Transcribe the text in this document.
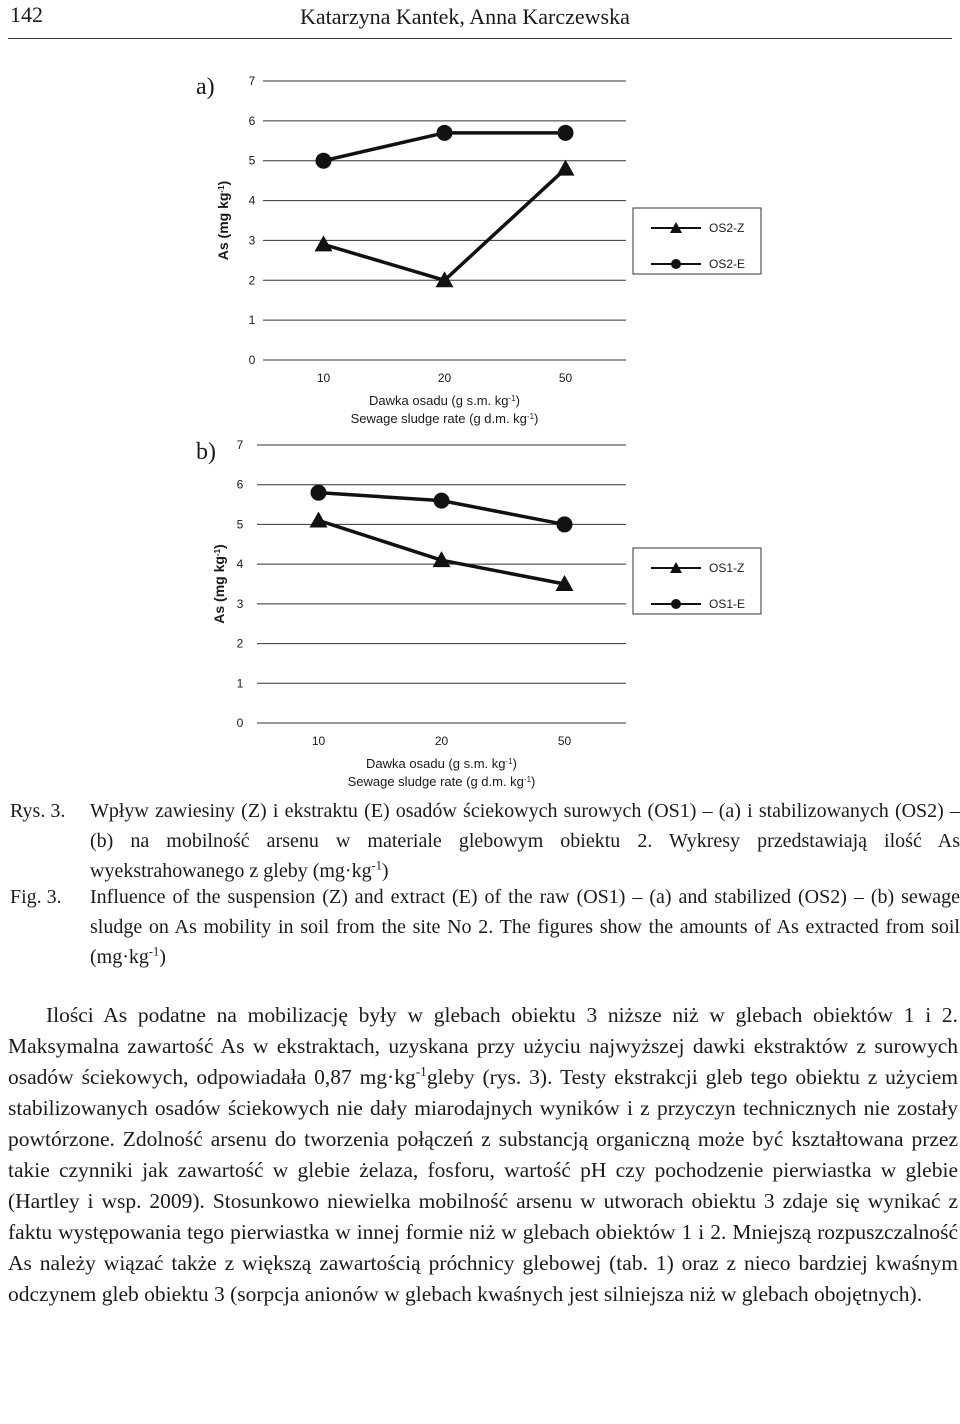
142	Katarzyna Kantek, Anna Karczewska
a)
0
1
2
3
4
5
6
7
As (mg $kg^{-1}$)
10	20	50
Dawka osadu (g s.m. $kg^{-1}$)
Sewage sludge rate (g d.m. $kg^{-1}$)
OS2-Z
OS2-E
b)
0
1
2
3
4
5
6
7
As (mg $kg^{-1}$)
10	20	50
Dawka osadu (g s.m. $kg^{-1}$)
Sewage sludge rate (g d.m. $kg^{-1}$)
OS1-Z
OS1-E
Rys. 3. Wpływ zawiesiny (Z) i ekstraktu (E) osadów ściekowych surowych (OS1) – (a) i stabilizowanych (OS2) – (b) na mobilność arsenu w materiale glebowym obiektu 2. Wykresy przedstawiają ilość As wyekstrahowanego z gleby $(mg\cdot kg^{-1})$
Fig. 3. Influence of the suspension (Z) and extract (E) of the raw (OS1) – (a) and stabilized (OS2) – (b) sewage sludge on As mobility in soil from the site No 2. The figures show the amounts of As extracted from soil $(mg\cdot kg^{-1})$

Ilości As podatne na mobilizację były w glebach obiektu 3 niższe niż w glebach obiektów 1 i 2. Maksymalna zawartość As w ekstraktach, uzyskana przy użyciu najwyższej dawki ekstraktów z surowych osadów ściekowych, odpowiadała 0,87 $mg\cdot kg^{-1}gleby$ (rys. 3). Testy ekstrakcji gleb tego obiektu z użyciem stabilizowanych osadów ściekowych nie dały miarodajnych wyników i z przyczyn technicznych nie zostały powtórzone. Zdolność arsenu do tworzenia połączeń z substancją organiczną może być kształtowana przez takie czynniki jak zawartość w glebie żelaza, fosforu, wartość pH czy pochodzenie pierwiastka w glebie (Hartley i wsp. 2009). Stosunkowo niewielka mobilność arsenu w utworach obiektu 3 zdaje się wynikać z faktu występowania tego pierwiastka w innej formie niż w glebach obiektów 1 i 2. Mniejszą rozpuszczalność As należy wiązać także z większą zawartością próchnicy glebowej (tab. 1) oraz z nieco bardziej kwaśnym odczynem gleb obiektu 3 (sorpcja anionów w glebach kwaśnych jest silniejsza niż w glebach obojętnych).
